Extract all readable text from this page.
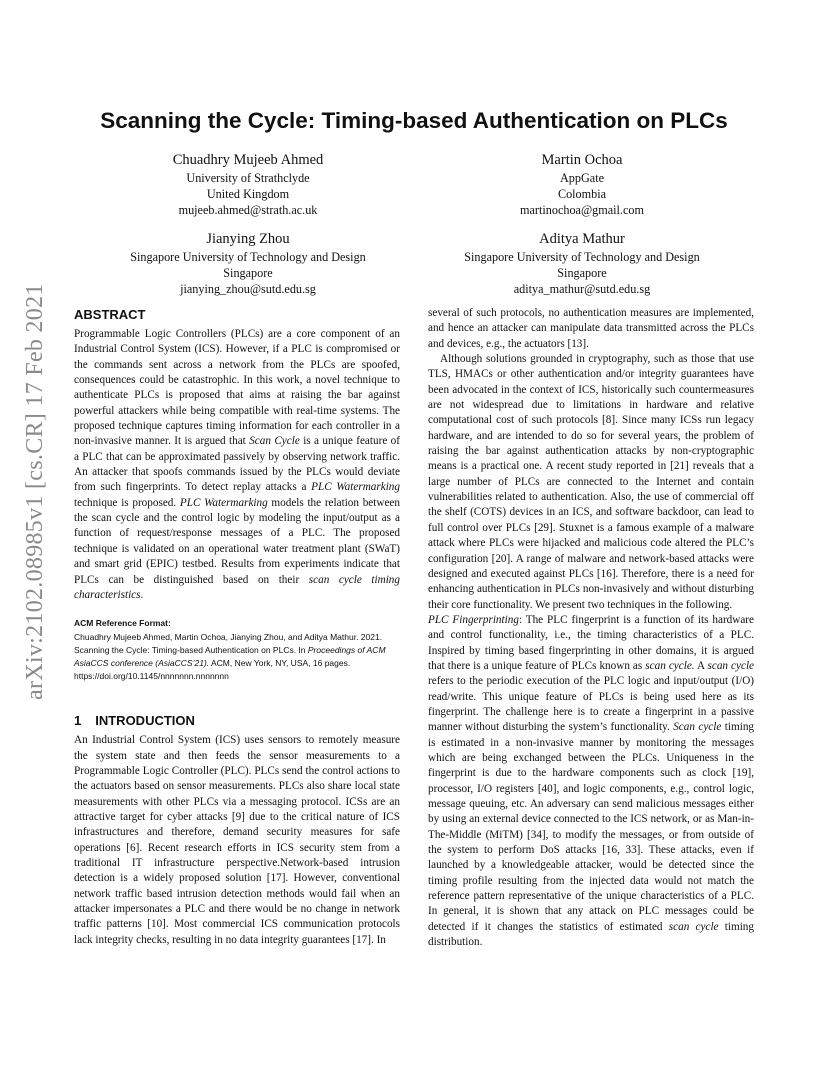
arXiv:2102.08985v1 [cs.CR] 17 Feb 2021
Scanning the Cycle: Timing-based Authentication on PLCs
Chuadhry Mujeeb Ahmed
University of Strathclyde
United Kingdom
mujeeb.ahmed@strath.ac.uk
Martin Ochoa
AppGate
Colombia
martinochoa@gmail.com
Jianying Zhou
Singapore University of Technology and Design
Singapore
jianying_zhou@sutd.edu.sg
Aditya Mathur
Singapore University of Technology and Design
Singapore
aditya_mathur@sutd.edu.sg
ABSTRACT

Programmable Logic Controllers (PLCs) are a core component of an Industrial Control System (ICS). However, if a PLC is compromised or the commands sent across a network from the PLCs are spoofed, consequences could be catastrophic. In this work, a novel technique to authenticate PLCs is proposed that aims at raising the bar against powerful attackers while being compatible with real-time systems. The proposed technique captures timing information for each controller in a non-invasive manner. It is argued that Scan Cycle is a unique feature of a PLC that can be approximated passively by observing network traffic. An attacker that spoofs commands issued by the PLCs would deviate from such fingerprints. To detect replay attacks a PLC Watermarking technique is proposed. PLC Watermarking models the relation between the scan cycle and the control logic by modeling the input/output as a function of request/response messages of a PLC. The proposed technique is validated on an operational water treatment plant (SWaT) and smart grid (EPIC) testbed. Results from experiments indicate that PLCs can be distinguished based on their scan cycle timing characteristics.

ACM Reference Format:
Chuadhry Mujeeb Ahmed, Martin Ochoa, Jianying Zhou, and Aditya Mathur. 2021. Scanning the Cycle: Timing-based Authentication on PLCs. In Proceedings of ACM AsiaCCS conference (AsiaCCS’21). ACM, New York, NY, USA, 16 pages. https://doi.org/10.1145/nnnnnnn.nnnnnnn
1 INTRODUCTION

An Industrial Control System (ICS) uses sensors to remotely measure the system state and then feeds the sensor measurements to a Programmable Logic Controller (PLC). PLCs send the control actions to the actuators based on sensor measurements. PLCs also share local state measurements with other PLCs via a messaging protocol. ICSs are an attractive target for cyber attacks [9] due to the critical nature of ICS infrastructures and therefore, demand security measures for safe operations [6]. Recent research efforts in ICS security stem from a traditional IT infrastructure perspective.Network-based intrusion detection is a widely proposed solution [17]. However, conventional network traffic based intrusion detection methods would fail when an attacker impersonates a PLC and there would be no change in network traffic patterns [10]. Most commercial ICS communication protocols lack integrity checks, resulting in no data integrity guarantees [17]. In

several of such protocols, no authentication measures are implemented, and hence an attacker can manipulate data transmitted across the PLCs and devices, e.g., the actuators [13].

Although solutions grounded in cryptography, such as those that use TLS, HMACs or other authentication and/or integrity guarantees have been advocated in the context of ICS, historically such countermeasures are not widespread due to limitations in hardware and relative computational cost of such protocols [8]. Since many ICSs run legacy hardware, and are intended to do so for several years, the problem of raising the bar against authentication attacks by non-cryptographic means is a practical one. A recent study reported in [21] reveals that a large number of PLCs are connected to the Internet and contain vulnerabilities related to authentication. Also, the use of commercial off the shelf (COTS) devices in an ICS, and software backdoor, can lead to full control over PLCs [29]. Stuxnet is a famous example of a malware attack where PLCs were hijacked and malicious code altered the PLC’s configuration [20]. A range of malware and network-based attacks were designed and executed against PLCs [16]. Therefore, there is a need for enhancing authentication in PLCs non-invasively and without disturbing their core functionality. We present two techniques in the following.

PLC Fingerprinting: The PLC fingerprint is a function of its hardware and control functionality, i.e., the timing characteristics of a PLC. Inspired by timing based fingerprinting in other domains, it is argued that there is a unique feature of PLCs known as scan cycle. A scan cycle refers to the periodic execution of the PLC logic and input/output (I/O) read/write. This unique feature of PLCs is being used here as its fingerprint. The challenge here is to create a fingerprint in a passive manner without disturbing the system’s functionality. Scan cycle timing is estimated in a non-invasive manner by monitoring the messages which are being exchanged between the PLCs. Uniqueness in the fingerprint is due to the hardware components such as clock [19], processor, I/O registers [40], and logic components, e.g., control logic, message queuing, etc. An adversary can send malicious messages either by using an external device connected to the ICS network, or as Man-in-The-Middle (MiTM) [34], to modify the messages, or from outside of the system to perform DoS attacks [16, 33]. These attacks, even if launched by a knowledgeable attacker, would be detected since the timing profile resulting from the injected data would not match the reference pattern representative of the unique characteristics of a PLC. In general, it is shown that any attack on PLC messages could be detected if it changes the statistics of estimated scan cycle timing distribution.
